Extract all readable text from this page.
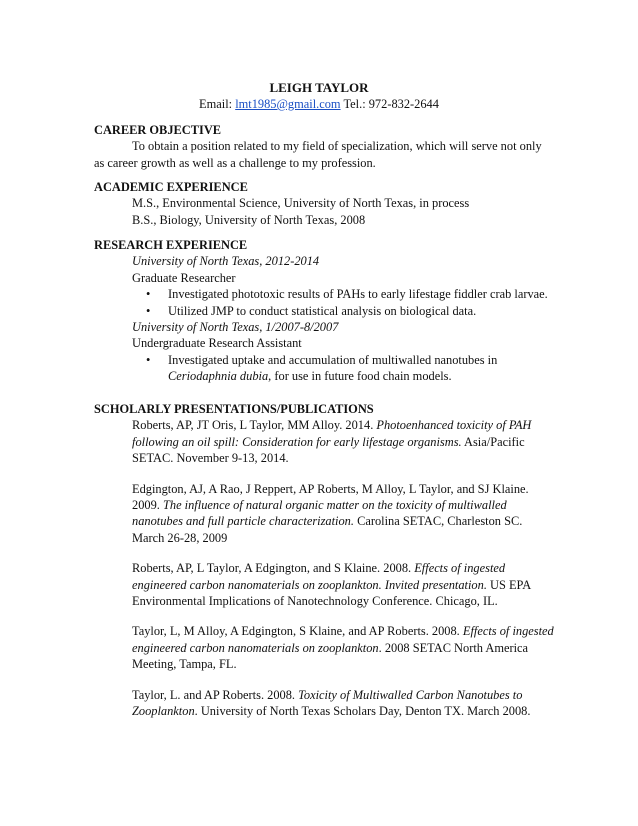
LEIGH TAYLOR
Email: lmt1985@gmail.com Tel.: 972-832-2644
CAREER OBJECTIVE
To obtain a position related to my field of specialization, which will serve not only as career growth as well as a challenge to my profession.
ACADEMIC EXPERIENCE
M.S., Environmental Science, University of North Texas, in process
B.S., Biology, University of North Texas, 2008
RESEARCH EXPERIENCE
University of North Texas, 2012-2014
Graduate Researcher
• Investigated phototoxic results of PAHs to early lifestage fiddler crab larvae.
• Utilized JMP to conduct statistical analysis on biological data.
University of North Texas, 1/2007-8/2007
Undergraduate Research Assistant
• Investigated uptake and accumulation of multiwalled nanotubes in Ceriodaphnia dubia, for use in future food chain models.
SCHOLARLY PRESENTATIONS/PUBLICATIONS
Roberts, AP, JT Oris, L Taylor, MM Alloy. 2014. Photoenhanced toxicity of PAH following an oil spill: Consideration for early lifestage organisms. Asia/Pacific SETAC. November 9-13, 2014.
Edgington, AJ, A Rao, J Reppert, AP Roberts, M Alloy, L Taylor, and SJ Klaine. 2009. The influence of natural organic matter on the toxicity of multiwalled nanotubes and full particle characterization. Carolina SETAC, Charleston SC. March 26-28, 2009
Roberts, AP, L Taylor, A Edgington, and S Klaine. 2008. Effects of ingested engineered carbon nanomaterials on zooplankton. Invited presentation. US EPA Environmental Implications of Nanotechnology Conference. Chicago, IL.
Taylor, L, M Alloy, A Edgington, S Klaine, and AP Roberts. 2008. Effects of ingested engineered carbon nanomaterials on zooplankton. 2008 SETAC North America Meeting, Tampa, FL.
Taylor, L. and AP Roberts. 2008. Toxicity of Multiwalled Carbon Nanotubes to Zooplankton. University of North Texas Scholars Day, Denton TX. March 2008.
